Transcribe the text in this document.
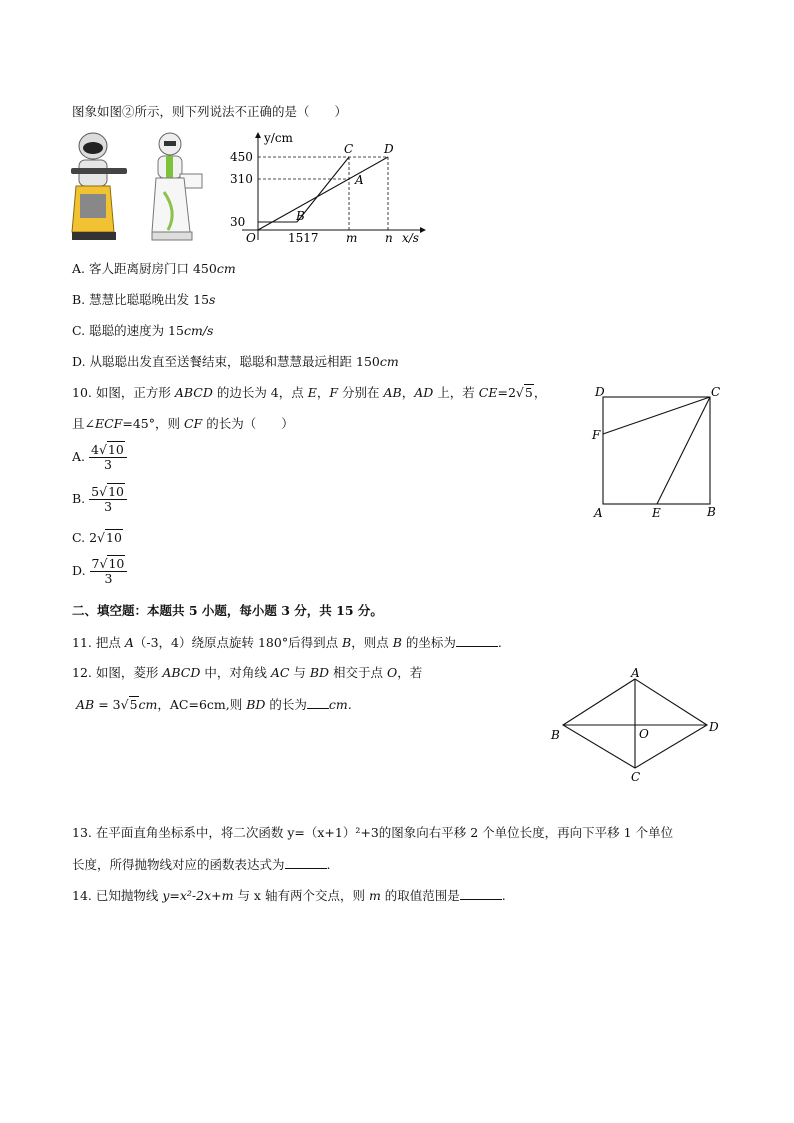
图象如图②所示，则下列说法不正确的是（　　）
y/cm
x/s
O
450
310
30
1517 m n
A
B
C	D
A. 客人距离厨房门口 450cm
B. 慧慧比聪聪晚出发 15s
C. 聪聪的速度为 15cm/s
D. 从聪聪出发直至送餐结束，聪聪和慧慧最远相距 150cm
10. 如图，正方形 ABCD 的边长为 4，点 E，F 分别在 AB，AD 上，若 CE=2√5，
且∠ECF=45°，则 CF 的长为（　　）
A. $\frac{4√10}{3}$
B. $\frac{5√10}{3}$
C. 2√10
D. $\frac{7√10}{3}$
D	C
F
A	E	B
二、填空题：本题共 5 小题，每小题 3 分，共 15 分。
11. 把点 A（-3，4）绕原点旋转 180°后得到点 B，则点 B 的坐标为	.
12. 如图，菱形 ABCD 中，对角线 AC 与 BD 相交于点 O，若
AB = 3√5cm，AC=6cm,则 BD 的长为 cm.
A
B	O	D
C
13. 在平面直角坐标系中，将二次函数 y=（x+1）²+3的图象向右平移 2 个单位长度，再向下平移 1 个单位
长度，所得抛物线对应的函数表达式为	.
14. 已知抛物线 y=x²-2x+m 与 x 轴有两个交点，则 m 的取值范围是	.
